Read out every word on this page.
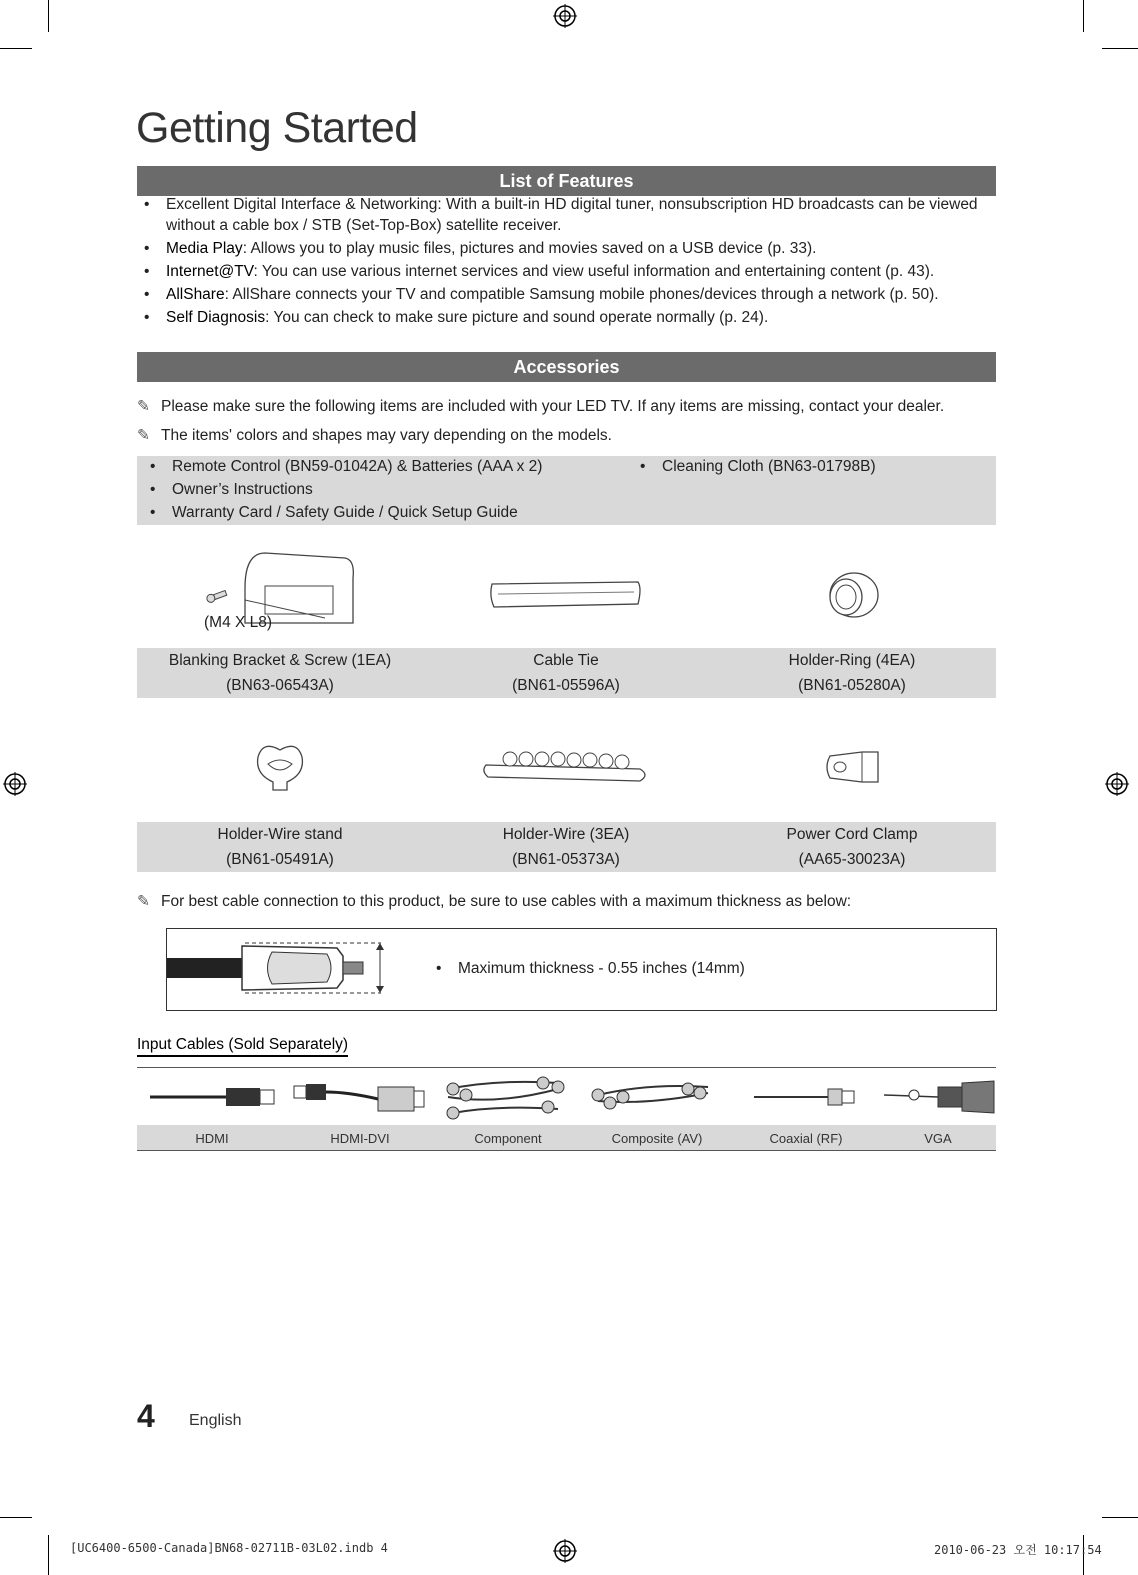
Getting Started
List of Features
• Excellent Digital Interface & Networking: With a built-in HD digital tuner, nonsubscription HD broadcasts can be viewed without a cable box / STB (Set-Top-Box) satellite receiver.
• Media Play: Allows you to play music files, pictures and movies saved on a USB device (p. 33).
• Internet@TV: You can use various internet services and view useful information and entertaining content (p. 43).
• AllShare: AllShare connects your TV and compatible Samsung mobile phones/devices through a network (p. 50).
• Self Diagnosis: You can check to make sure picture and sound operate normally (p. 24).
Accessories
✎ Please make sure the following items are included with your LED TV. If any items are missing, contact your dealer.
✎ The items' colors and shapes may vary depending on the models.
• Remote Control (BN59-01042A) & Batteries (AAA x 2)
• Owner’s Instructions
• Warranty Card / Safety Guide / Quick Setup Guide
• Cleaning Cloth (BN63-01798B)
(M4 X L8)
Blanking Bracket & Screw (1EA)
(BN63-06543A)
Cable Tie
(BN61-05596A)
Holder-Ring (4EA)
(BN61-05280A)
Holder-Wire stand
(BN61-05491A)
Holder-Wire (3EA)
(BN61-05373A)
Power Cord Clamp
(AA65-30023A)
✎ For best cable connection to this product, be sure to use cables with a maximum thickness as below:
• Maximum thickness - 0.55 inches (14mm)
Input Cables (Sold Separately)
HDMI	HDMI-DVI	Component	Composite (AV)	Coaxial (RF)	VGA
4 English
[UC6400-6500-Canada]BN68-02711B-03L02.indb 4	2010-06-23 오전 10:17:54
